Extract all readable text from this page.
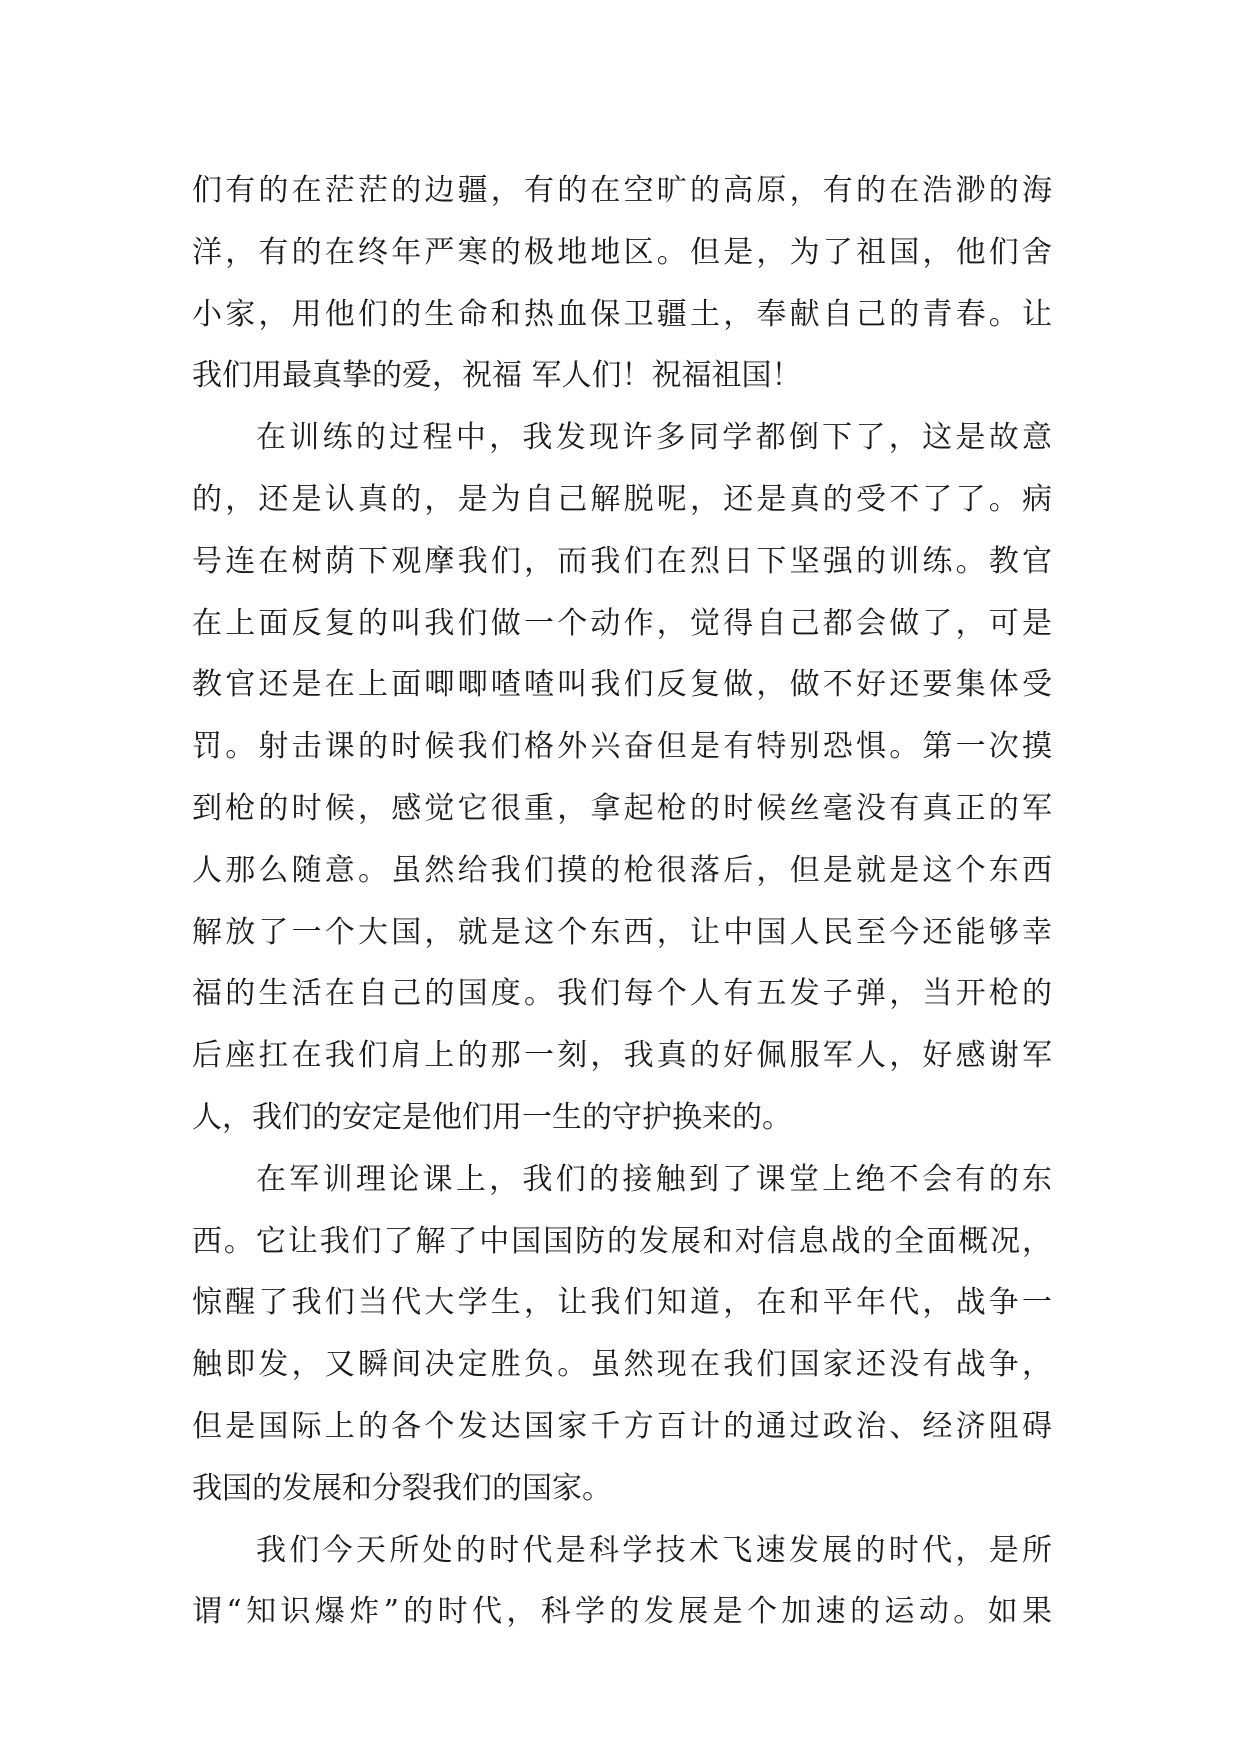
们有的在茫茫的边疆，有的在空旷的高原，有的在浩渺的海
洋，有的在终年严寒的极地地区。但是，为了祖国，他们舍
小家，用他们的生命和热血保卫疆土，奉献自己的青春。让
我们用最真挚的爱，祝福 军人们！祝福祖国！
在训练的过程中，我发现许多同学都倒下了，这是故意
的，还是认真的，是为自己解脱呢，还是真的受不了了。病
号连在树荫下观摩我们，而我们在烈日下坚强的训练。教官
在上面反复的叫我们做一个动作，觉得自己都会做了，可是
教官还是在上面唧唧喳喳叫我们反复做，做不好还要集体受
罚。射击课的时候我们格外兴奋但是有特别恐惧。第一次摸
到枪的时候，感觉它很重，拿起枪的时候丝毫没有真正的军
人那么随意。虽然给我们摸的枪很落后，但是就是这个东西
解放了一个大国，就是这个东西，让中国人民至今还能够幸
福的生活在自己的国度。我们每个人有五发子弹，当开枪的
后座扛在我们肩上的那一刻，我真的好佩服军人，好感谢军
人，我们的安定是他们用一生的守护换来的。
在军训理论课上，我们的接触到了课堂上绝不会有的东
西。它让我们了解了中国国防的发展和对信息战的全面概况，
惊醒了我们当代大学生，让我们知道，在和平年代，战争一
触即发，又瞬间决定胜负。虽然现在我们国家还没有战争，
但是国际上的各个发达国家千方百计的通过政治、经济阻碍
我国的发展和分裂我们的国家。
我们今天所处的时代是科学技术飞速发展的时代，是所
谓“知识爆炸”的时代，科学的发展是个加速的运动。如果
